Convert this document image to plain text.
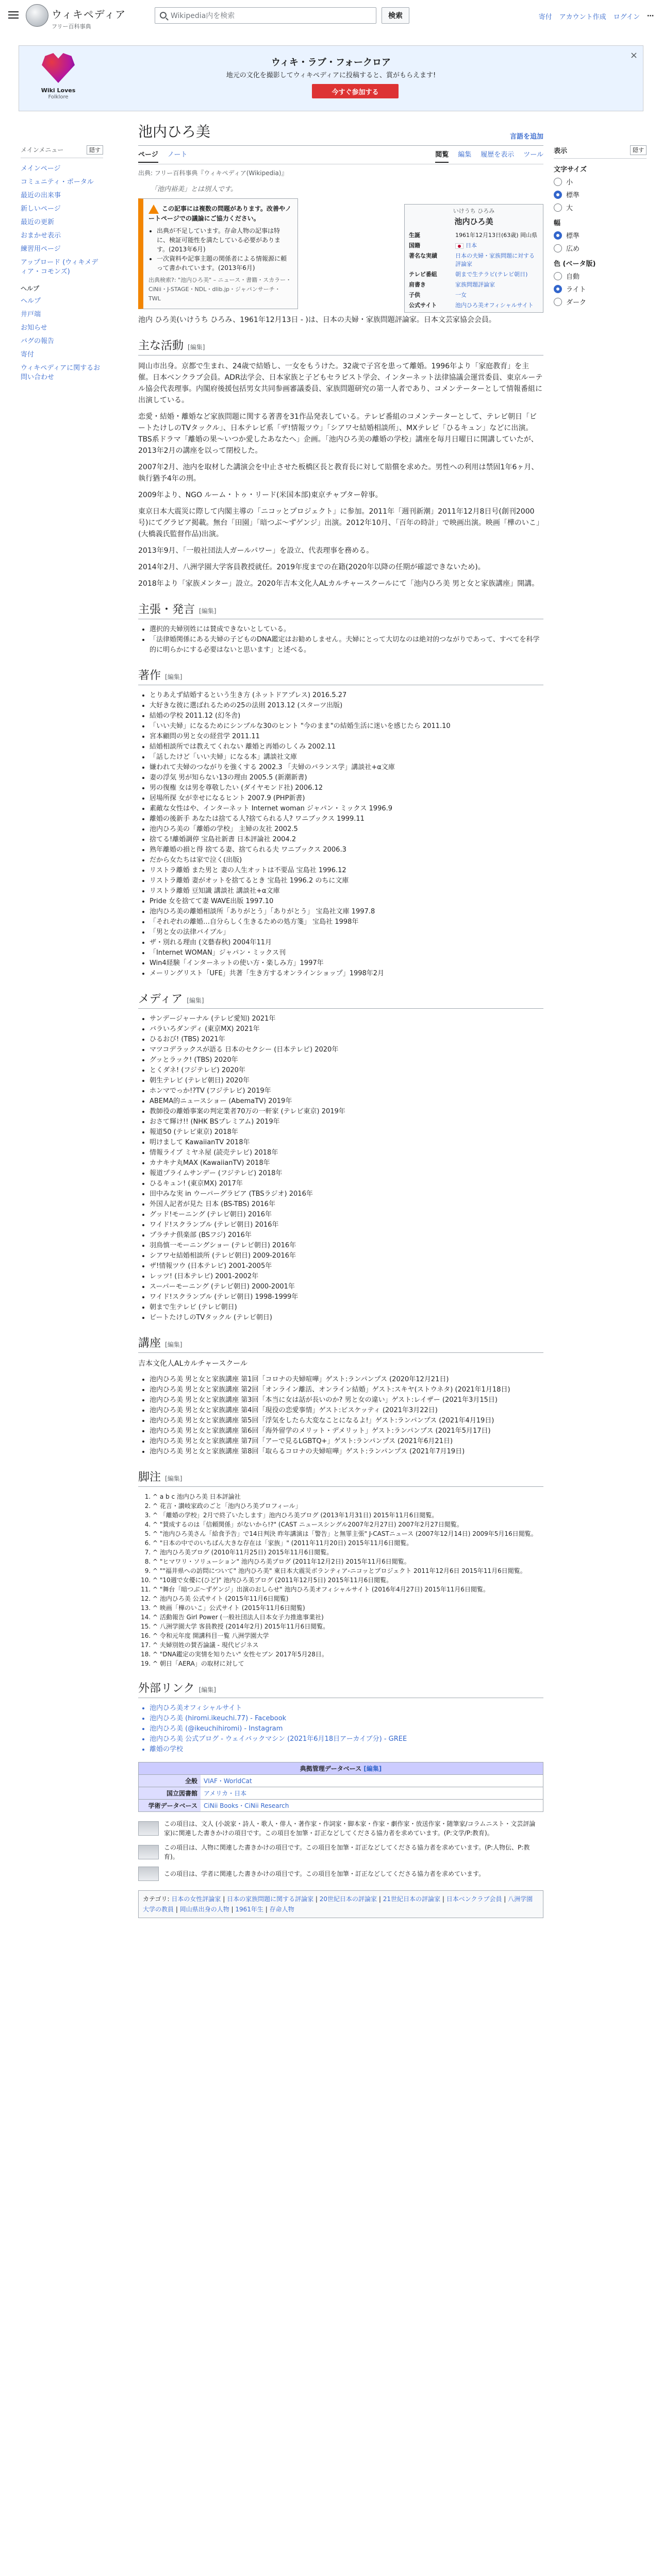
ウィキペディア
フリー百科事典
Wikipedia内を検索	検索	寄付 アカウント作成 ログイン ⋯
Wiki Loves
Folklore
ウィキ・ラブ・フォークロア
地元の文化を撮影してウィキペディアに投稿すると、賞がもらえます!
今すぐ参加する
×
メインメニュー	隠す
メインページ
コミュニティ・ポータル
最近の出来事
新しいページ
最近の更新
おまかせ表示
練習用ページ
アップロード (ウィキメディア・コモンズ)
ヘルプ
ヘルプ
井戸端
お知らせ
バグの報告
寄付
ウィキペディアに関するお問い合わせ
表示	隠す
文字サイズ
小
標準
大
幅
標準
広め
色 (ベータ版)
自動
ライト
ダーク
池内ひろ美	言語を追加
ページ ノート	閲覧 編集 履歴を表示 ツール
出典: フリー百科事典『ウィキペディア(Wikipedia)』
「池内裕美」とは別人です。
この記事には複数の問題があります。改善やノートページでの議論にご協力ください。
• 出典が不足しています。存命人物の記事は特に、検証可能性を満たしている必要があります。(2013年6月)
• 一次資料や記事主題の関係者による情報源に頼って書かれています。(2013年6月)
出典検索?: "池内ひろ美" – ニュース・書籍・スカラー・CiNii・J-STAGE・NDL・dlib.jp・ジャパンサーチ・TWL
いけうち ひろみ
池内ひろ美
生誕	1961年12月13日(63歳) 岡山県
国籍	日本
著名な実績	日本の夫婦・家族問題に対する評論家
テレビ番組	朝まで生テラビ(テレビ朝日)
肩書き	家族問題評論家
子供	一女
公式サイト	池内ひろ美オフィシャルサイト
池内 ひろ美(いけうち ひろみ、1961年12月13日 - )は、日本の夫婦・家族問題評論家。日本文芸家協会会員。
主な活動 [編集]

岡山市出身。京都で生まれ、24歳で結婚し、一女をもうけた。32歳で子宮を患って離婚。1996年より「家庭教育」を主催。日本ベンクラブ会員。ADR法学会、日本家族と子どもセラピスト学会、インターネット法律協議会運営委員、東京ルーテル協会代表理事。内閣府後援包括男女共同参画審議委員、家族問題研究の第一人者であり、コメンテーターとして情報番組に出演している。

恋愛・結婚・離婚など家族問題に関する著書を31作品発表している。テレビ番組のコメンテーターとして、テレビ朝日「ビートたけしのTVタックル」、日本テレビ系「ザ!情報ツウ」「シアワセ結婚相談所」、MXテレビ「ひるキュン」などに出演。TBS系ドラマ「離婚の果〜いつか愛したあなたへ」企画。「池内ひろ美の離婚の学校」講座を毎月日曜日に開講していたが、2013年2月の講座を以って閉校した。

2007年2月、池内を取材した講演会を中止させた板橋区長と教育長に対して賠償を求めた。男性への利用は禁固1年6ヶ月、執行猶予4年の刑。

2009年より、NGO ルーム・トゥ・リード(米国本部)東京チャプター幹事。

東京日本大震災に際して内閣主導の「ニコッとプロジェクト」に参加。2011年「週刊新潮」2011年12月8日号(創刊2000号)にてグラビア掲載。無台「田園」「暗つぶ〜ずゲンジ」出演。2012年10月、「百年の時計」で映画出演。映画「樺のいこ」(大橋義氏監督作品)出演。

2013年9月、「一般社団法人ガールパワー」を設立、代表理事を務める。

2014年2月、八洲学園大学客員教授就任。2019年度までの在籍(2020年以降の任期が確認できないため)。

2018年より「家族メンター」設立。2020年吉本文化人ALカルチャースクールにて「池内ひろ美 男と女と家族講座」開講。

主張・発言 [編集]
• 選択的夫婦別姓には賛成できないとしている。
• 「法律婚関係にある夫婦の子どものDNA鑑定はお勧めしません。夫婦にとって大切なのは絶対的つながりであって、すべてを科学的に明らかにする必要はないと思います」と述べる。
著作 [編集]
• とりあえず結婚するという生き方 (ネットドアプレス) 2016.5.27
• 大好きな彼に選ばれるための25の法則 2013.12 (スターツ出版)
• 結婚の学校 2011.12 (幻冬舎)
• 「いい夫婦」になるためにシンプルな30のヒント "今のまま"の結婚生活に迷いを感じたら 2011.10
• 宮本顧問の男と女の経営学 2011.11
• 結婚相談所では教えてくれない 離婚と再婚のしくみ 2002.11
• 「話したけど「いい夫婦」になる本」講談社文庫
• 嫌われて夫婦のつながりを強くする 2002.3 「夫婦のバランス学」講談社+α文庫
• 妻の浮気 男が知らない13の理由 2005.5 (新潮新書)
• 男の復権 女は男を尊敬したい (ダイヤモンド社) 2006.12
• 居場所探 女が幸せになるヒント 2007.9 (PHP新書)
• 素敵な女性はや、インターネット Internet woman ジャパン・ミックス 1996.9
• 離婚の後新手 あなたは捨てる人?捨てられる人? ワニブックス 1999.11
• 池内ひろ美の「離婚の学校」 主婦の友社 2002.5
• 捨てる!離婚調停 宝島社新書 日本評論社 2004.2
• 熟年離婚の損と得 捨てる妻、捨てられる夫 ワニブックス 2006.3
• だから女たちは家で泣く(出版)
• リストラ離婚 また男と 妻の人生オットは不要品 宝島社 1996.12
• リストラ離婚 妻がオットを捨てるとき 宝島社 1996.2 のちに文庫
• リストラ離婚 豆知識 講談社 講談社+α文庫
• Pride 女を捨てて妻 WAVE出版 1997.10
• 池内ひろ美の離婚相談所「ありがとう」「ありがとう」 宝島社文庫 1997.8
• 「それぞれの離婚…自分らしく生きるための処方箋」 宝島社 1998年
• 「男と女の法律バイブル」
• ザ・別れる理由 (文藝春秋) 2004年11月
• 「Internet WOMAN」ジャパン・ミックス刊
• Win4経験「インターネットの使い方・楽しみ方」1997年
• メーリングリスト「UFE」共著「生き方するオンラインショップ」1998年2月
メディア [編集]
• サンデージャーナル (テレビ愛知) 2021年
• バラいろダンディ (東京MX) 2021年
• ひるおび! (TBS) 2021年
• マツコデラックスが語る 日本のセクシー (日本テレビ) 2020年
• グッとラック! (TBS) 2020年
• とくダネ! (フジテレビ) 2020年
• 朝生テレビ (テレビ朝日) 2020年
• ホンマでっか!?TV (フジテレビ) 2019年
• ABEMA的ニュースショー (AbemaTV) 2019年
• 教師役の離婚事案の判定業者70万の一軒家 (テレビ東京) 2019年
• おさて輝け!! (NHK BSプレミアム) 2019年
• 報道50 (テレビ東京) 2018年
• 明けまして KawaiianTV 2018年
• 情報ライブ ミヤネ屋 (読売テレビ) 2018年
• カナキナ丸MAX (KawaiianTV) 2018年
• 報道プライムサンデー (フジテレビ) 2018年
• ひるキュン! (東京MX) 2017年
• 田中みな実 in ウーパーグラビア (TBSラジオ) 2016年
• 外国人記者が見た 日本 (BS-TBS) 2016年
• グッド!モーニング (テレビ朝日) 2016年
• ワイド!スクランブル (テレビ朝日) 2016年
• プラチナ倶楽部 (BSフジ) 2016年
• 羽鳥慎一モーニングショー (テレビ朝日) 2016年
• シアワセ結婚相談所 (テレビ朝日) 2009-2016年
• ザ!情報ツウ (日本テレビ) 2001-2005年
• レッツ! (日本テレビ) 2001-2002年
• スーパーモーニング (テレビ朝日) 2000-2001年
• ワイド!スクランブル (テレビ朝日) 1998-1999年
• 朝まで生テレビ (テレビ朝日)
• ビートたけしのTVタックル (テレビ朝日)
講座 [編集]
吉本文化人ALカルチャースクール
• 池内ひろ美 男と女と家族講座 第1回「コロナの夫婦喧嘩」ゲスト:ランパンプス (2020年12月21日)
• 池内ひろ美 男と女と家族講座 第2回「オンライン離活、オンライン結婚」ゲスト:スキヤ(ストウネタ) (2021年1月18日)
• 池内ひろ美 男と女と家族講座 第3回「本当に女は話が長いのか? 男と女の違い」ゲスト:レイザー (2021年3月15日)
• 池内ひろ美 男と女と家族講座 第4回「現役の恋愛事情」ゲスト:ビスケッティ (2021年3月22日)
• 池内ひろ美 男と女と家族講座 第5回「浮気をしたら大変なことになるよ!」ゲスト:ランパンプス (2021年4月19日)
• 池内ひろ美 男と女と家族講座 第6回「海外留学のメリット・デメリット」ゲスト:ランパンプス (2021年5月17日)
• 池内ひろ美 男と女と家族講座 第7回「アーで見るLGBTQ+」ゲスト:ランパンプス (2021年6月21日)
• 池内ひろ美 男と女と家族講座 第8回「取らるコロナの夫婦喧嘩」ゲスト:ランパンプス (2021年7月19日)
脚注 [編集]
1. ^ a b c 池内ひろ美 日本評論社
2. ^ 花言・讃岐家政のごと「池内ひろ美プロフィール」
3. ^ 「離婚の学校」2月で終了いたします」池内ひろ美ブログ (2013年1月31日) 2015年11月6日閲覧。
4. ^ "賛成するのは「信頼関係」がないから!?" (CAST ニュースシングル2007年2月27日) 2007年2月27日閲覧。
5. ^ "池内ひろ美さん「給食予告」で14日判決 昨年講演は「警告」と無罪主張" J-CASTニュース (2007年12月14日) 2009年5月16日閲覧。
6. ^ "日本の中でのいちばん大きな存在は「家族」" (2011年11月20日) 2015年11月6日閲覧。
7. ^ 池内ひろ美ブログ (2010年11月25日) 2015年11月6日閲覧。
8. ^ "ヒマワリ・ソリューション" 池内ひろ美ブログ (2011年12月2日) 2015年11月6日閲覧。
9. ^ ""福井県への訪問について" 池内ひろ美" 東日本大震災ボランティア-ニコッとプロジェクト 2011年12月6日 2015年11月6日閲覧。
10. ^ "10週で女優に(ひど)" 池内ひろ美ブログ (2011年12月5日) 2015年11月6日閲覧。
11. ^ "舞台「暗つぶ〜ずゲンジ」出演のおしらせ" 池内ひろ美オフィシャルサイト (2016年4月27日) 2015年11月6日閲覧。
12. ^ 池内ひろ美 公式サイト (2015年11月6日閲覧)
13. ^ 映画「樺のいこ」公式サイト (2015年11月6日閲覧)
14. ^ 活動報告 Girl Power (一般社団法人日本女子力推進事業社)
15. ^ 八洲学園大学 客員教授 (2014年2月) 2015年11月6日閲覧。
16. ^ 令和元年度 開講科目一覧 八洲学園大学
17. ^ 夫婦別姓の賛否論議 - 現代ビジネス
18. ^ "DNA鑑定の実情を知りたい" 女性セブン 2017年5月28日。
19. ^ 朝日「AERA」の取材に対して
外部リンク [編集]
• 池内ひろ美オフィシャルサイト
• 池内ひろ美 (hiromi.ikeuchi.77) - Facebook
• 池内ひろ美 (@ikeuchihiromi) - Instagram
• 池内ひろ美 公式ブログ - ウェイバックマシン (2021年6月18日アーカイブ分) - GREE
• 離婚の学校
典拠管理データベース [編集]
全般	VIAF・WorldCat
国立図書館	アメリカ・日本
学術データベース	CiNii Books・CiNii Research
この項目は、文人 (小説家・詩人・歌人・俳人・著作家・作詞家・脚本家・作家・劇作家・放送作家・随筆家/コラムニスト・文芸評論家)に関連した書きかけの項目です。この項目を加筆・訂正などしてくださる協力者を求めています。(P:文学/P:教育)。
この項目は、人物に関連した書きかけの項目です。この項目を加筆・訂正などしてくださる協力者を求めています。(P:人物伝、P:教育)。
この項目は、学者に関連した書きかけの項目です。この項目を加筆・訂正などしてくださる協力者を求めています。
カテゴリ: 日本の女性評論家 | 日本の家族問題に関する評論家 | 20世紀日本の評論家 | 21世紀日本の評論家 | 日本ベンクラブ会員 | 八洲学園大学の教員 | 岡山県出身の人物 | 1961年生 | 存命人物
